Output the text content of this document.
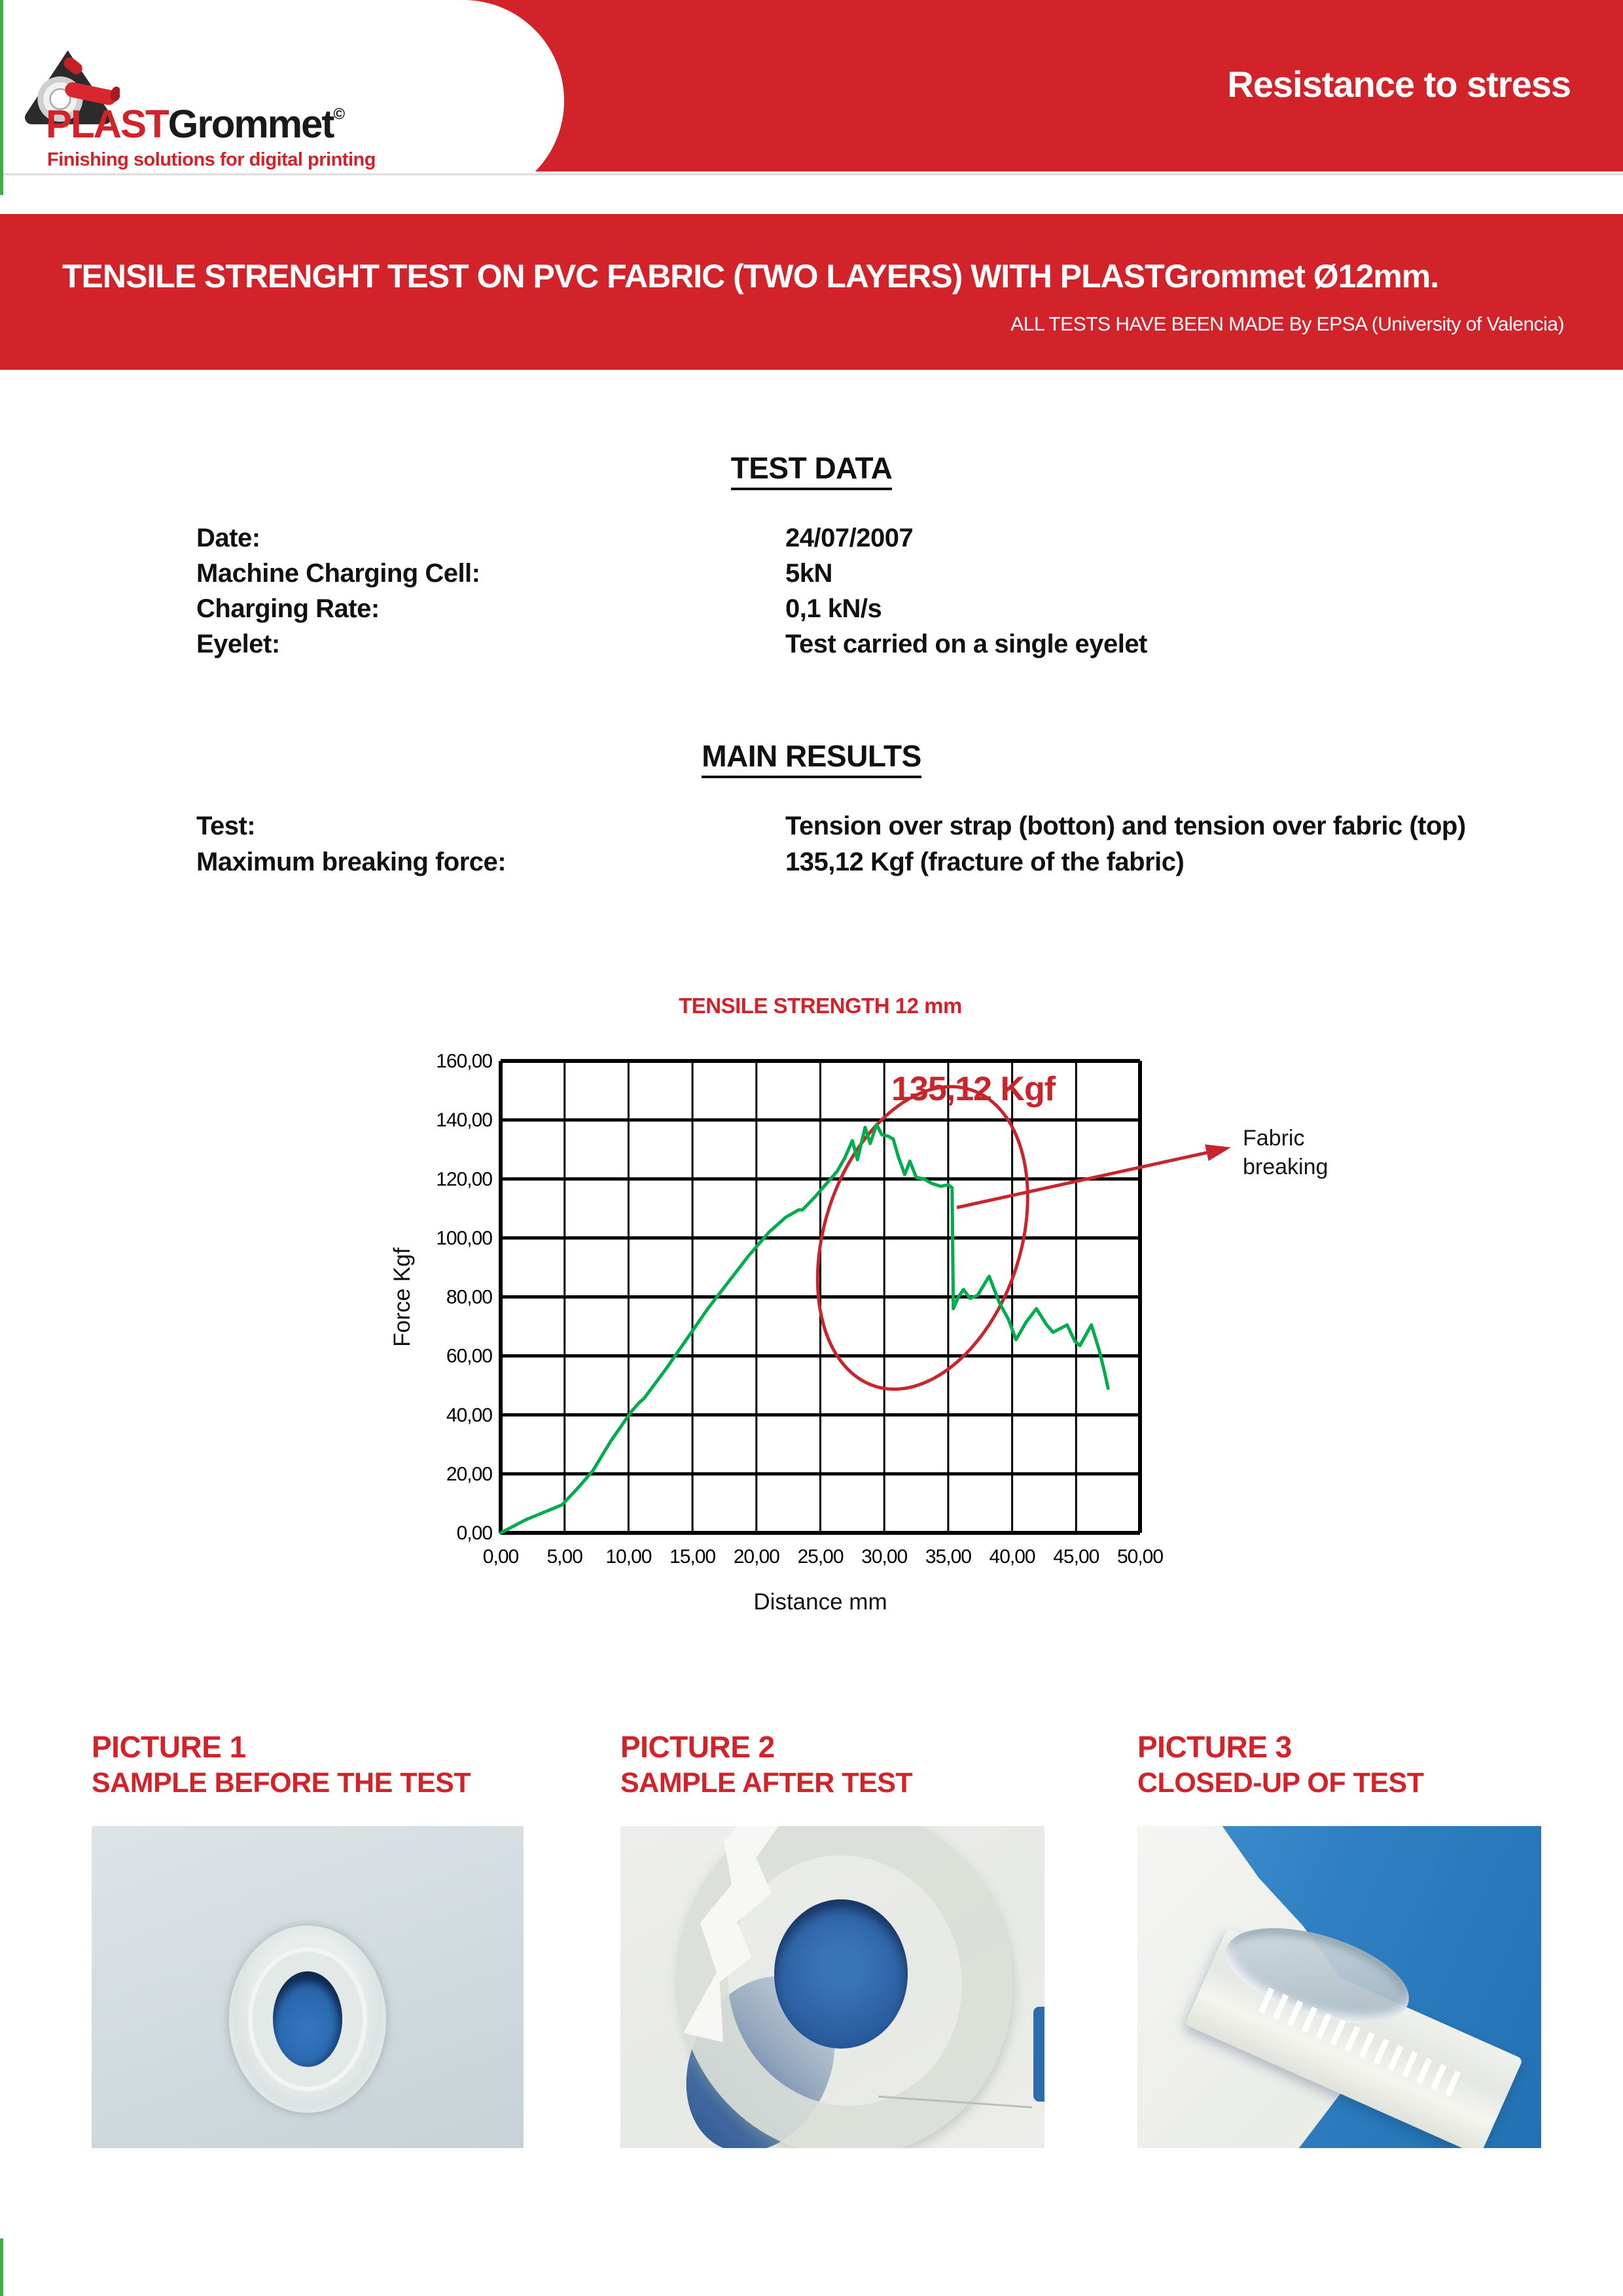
Resistance to stress
PLASTGrommet©
Finishing solutions for digital printing
TENSILE STRENGHT TEST ON PVC FABRIC (TWO LAYERS) WITH PLASTGrommet Ø12mm.
ALL TESTS HAVE BEEN MADE By EPSA (University of Valencia)
TEST DATA
Date:	24/07/2007
Machine Charging Cell:	5kN
Charging Rate:	0,1 kN/s
Eyelet:	Test carried on a single eyelet
MAIN RESULTS
Test:	Tension over strap (botton) and tension over fabric (top)
Maximum breaking force:	135,12 Kgf (fracture of the fabric)
TENSILE STRENGTH 12 mm
0,00
20,00
40,00
60,00
80,00
100,00
120,00
140,00
160,00
0,00 5,00 10,00 15,00 20,00 25,00 30,00 35,00 40,00 45,00 50,00
Force Kgf
Distance mm
135,12 Kgf
Fabric breaking
PICTURE 1
SAMPLE BEFORE THE TEST
PICTURE 2
SAMPLE AFTER TEST
PICTURE 3
CLOSED-UP OF TEST
